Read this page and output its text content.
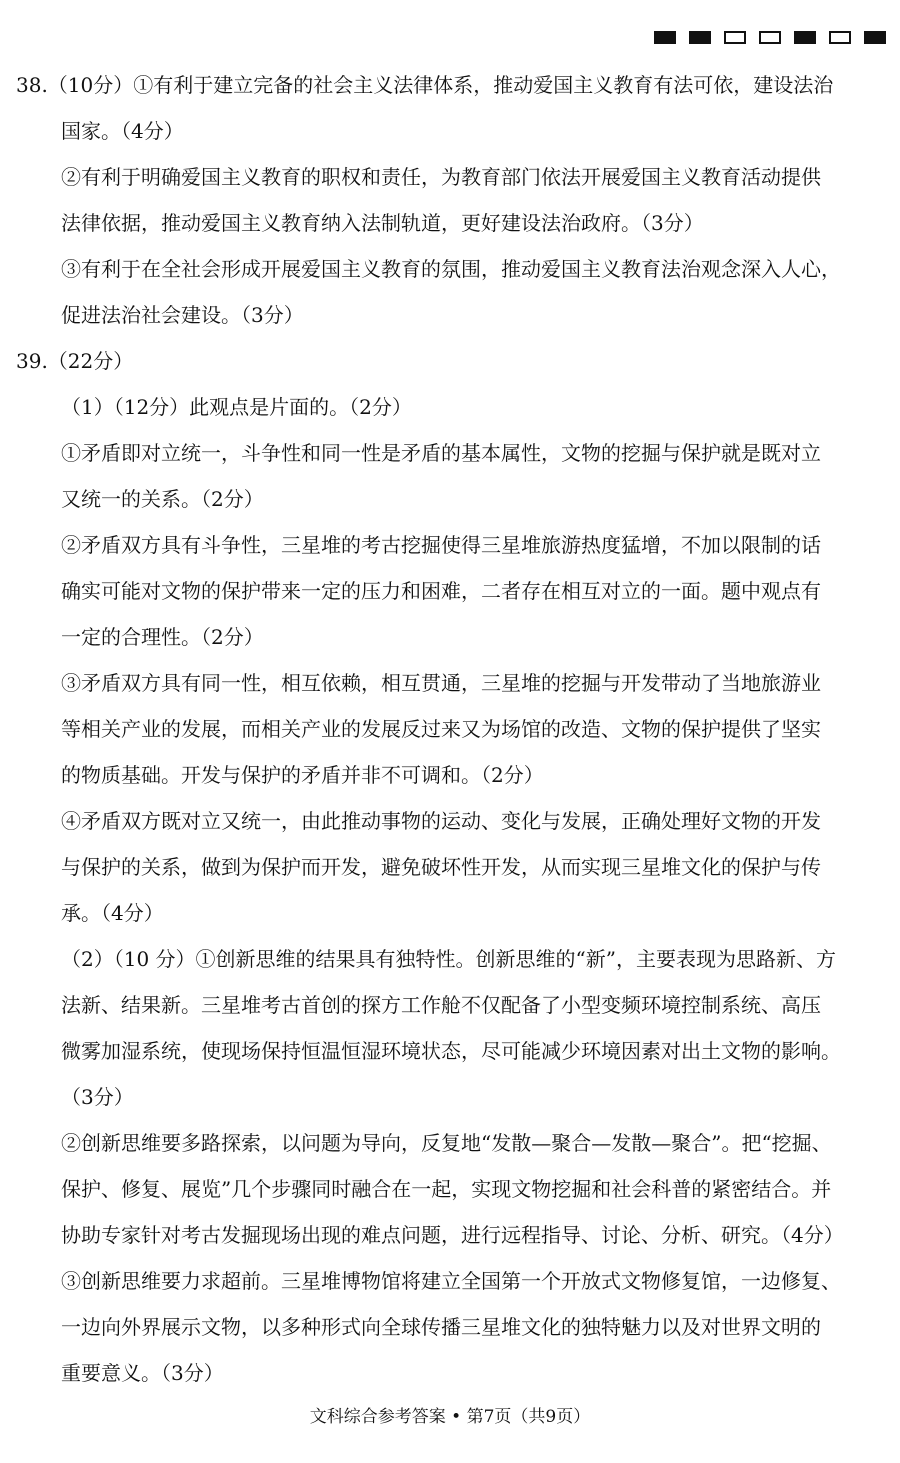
38.（10分）①有利于建立完备的社会主义法律体系，推动爱国主义教育有法可依，建设法治
国家。（4分）
②有利于明确爱国主义教育的职权和责任，为教育部门依法开展爱国主义教育活动提供
法律依据，推动爱国主义教育纳入法制轨道，更好建设法治政府。（3分）
③有利于在全社会形成开展爱国主义教育的氛围，推动爱国主义教育法治观念深入人心，
促进法治社会建设。（3分）
39.（22分）
（1）（12分）此观点是片面的。（2分）
①矛盾即对立统一，斗争性和同一性是矛盾的基本属性，文物的挖掘与保护就是既对立
又统一的关系。（2分）
②矛盾双方具有斗争性，三星堆的考古挖掘使得三星堆旅游热度猛增，不加以限制的话
确实可能对文物的保护带来一定的压力和困难，二者存在相互对立的一面。题中观点有
一定的合理性。（2分）
③矛盾双方具有同一性，相互依赖，相互贯通，三星堆的挖掘与开发带动了当地旅游业
等相关产业的发展，而相关产业的发展反过来又为场馆的改造、文物的保护提供了坚实
的物质基础。开发与保护的矛盾并非不可调和。（2分）
④矛盾双方既对立又统一，由此推动事物的运动、变化与发展，正确处理好文物的开发
与保护的关系，做到为保护而开发，避免破坏性开发，从而实现三星堆文化的保护与传
承。（4分）
（2）（10 分）①创新思维的结果具有独特性。创新思维的“新”，主要表现为思路新、方
法新、结果新。三星堆考古首创的探方工作舱不仅配备了小型变频环境控制系统、高压
微雾加湿系统，使现场保持恒温恒湿环境状态，尽可能减少环境因素对出土文物的影响。
（3分）
②创新思维要多路探索，以问题为导向，反复地“发散—聚合—发散—聚合”。把“挖掘、
保护、修复、展览”几个步骤同时融合在一起，实现文物挖掘和社会科普的紧密结合。并
协助专家针对考古发掘现场出现的难点问题，进行远程指导、讨论、分析、研究。（4分）
③创新思维要力求超前。三星堆博物馆将建立全国第一个开放式文物修复馆，一边修复、
一边向外界展示文物，以多种形式向全球传播三星堆文化的独特魅力以及对世界文明的
重要意义。（3分）
文科综合参考答案 • 第7页（共9页）
